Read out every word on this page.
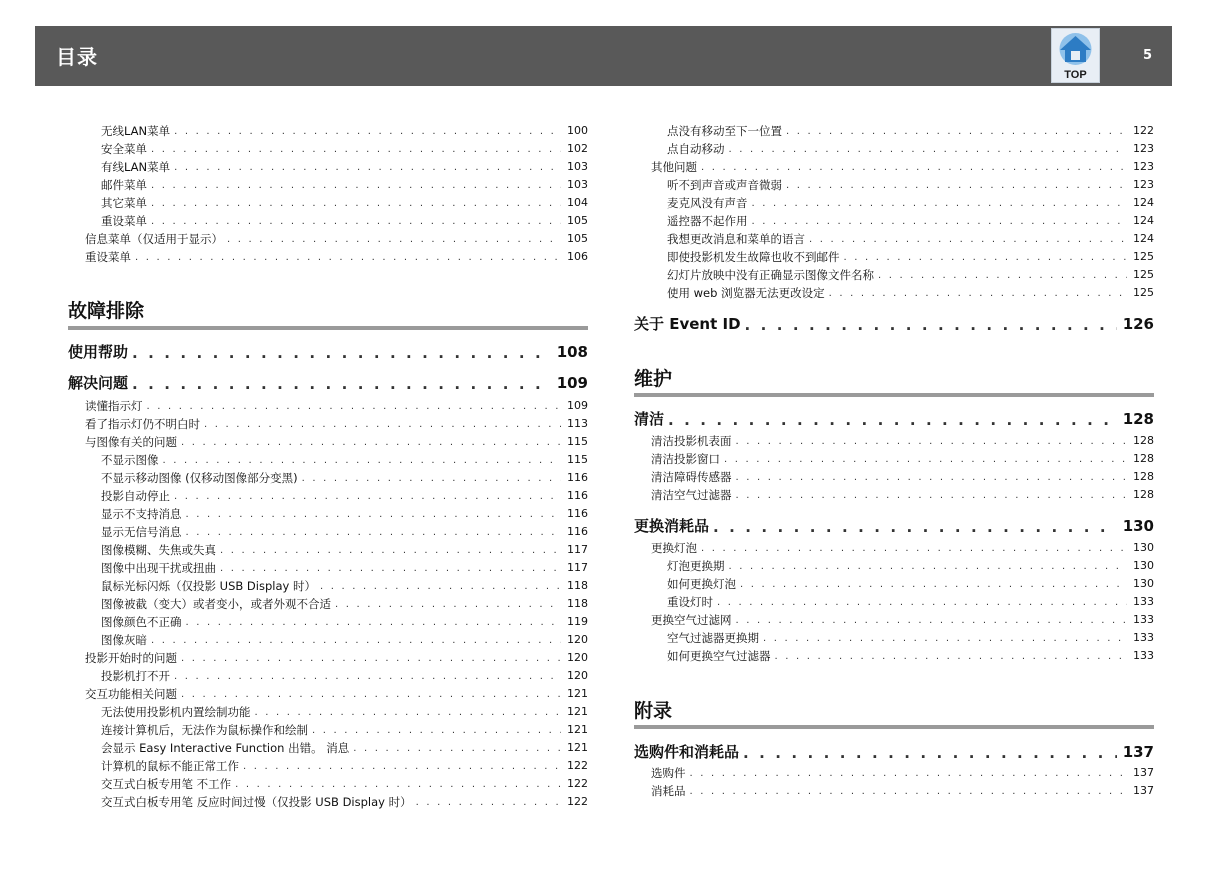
目录	5
TOP
无线LAN菜单 . . .	100
安全菜单 . . .	102
有线LAN菜单 . . .	103
邮件菜单 . . .	103
其它菜单 . . .	104
重设菜单 . . .	105
信息菜单（仅适用于显示） . . .	105
重设菜单 . . .	106
故障排除
使用帮助 . . .	108
解决问题 . . .	109
读懂指示灯 . . .	109
看了指示灯仍不明白时 . . .	113
与图像有关的问题 . . .	115
不显示图像 . . .	115
不显示移动图像 (仅移动图像部分变黑) . . .	116
投影自动停止 . . .	116
显示不支持消息 . . .	116
显示无信号消息 . . .	116
图像模糊、失焦或失真 . . .	117
图像中出现干扰或扭曲 . . .	117
鼠标光标闪烁（仅投影 USB Display 时） . . .	118
图像被截（变大）或者变小，或者外观不合适 . . .	118
图像颜色不正确 . . .	119
图像灰暗 . . .	120
投影开始时的问题 . . .	120
投影机打不开 . . .	120
交互功能相关问题 . . .	121
无法使用投影机内置绘制功能 . . .	121
连接计算机后，无法作为鼠标操作和绘制 . . .	121
会显示 Easy Interactive Function 出错。 消息 . . .	121
计算机的鼠标不能正常工作 . . .	122
交互式白板专用笔 不工作 . . .	122
交互式白板专用笔 反应时间过慢（仅投影 USB Display 时） . . .	122
点没有移动至下一位置 . . .	122
点自动移动 . . .	123
其他问题 . . .	123
听不到声音或声音微弱 . . .	123
麦克风没有声音 . . .	124
遥控器不起作用 . . .	124
我想更改消息和菜单的语言 . . .	124
即使投影机发生故障也收不到邮件 . . .	125
幻灯片放映中没有正确显示图像文件名称 . . .	125
使用 web 浏览器无法更改设定 . . .	125
关于 Event ID . . .	126
维护
清洁 . . .	128
清洁投影机表面 . . .	128
清洁投影窗口 . . .	128
清洁障碍传感器 . . .	128
清洁空气过滤器 . . .	128
更换消耗品 . . .	130
更换灯泡 . . .	130
灯泡更换期 . . .	130
如何更换灯泡 . . .	130
重设灯时 . . .	133
更换空气过滤网 . . .	133
空气过滤器更换期 . . .	133
如何更换空气过滤器 . . .	133
附录
选购件和消耗品 . . .	137
选购件 . . .	137
消耗品 . . .	137
